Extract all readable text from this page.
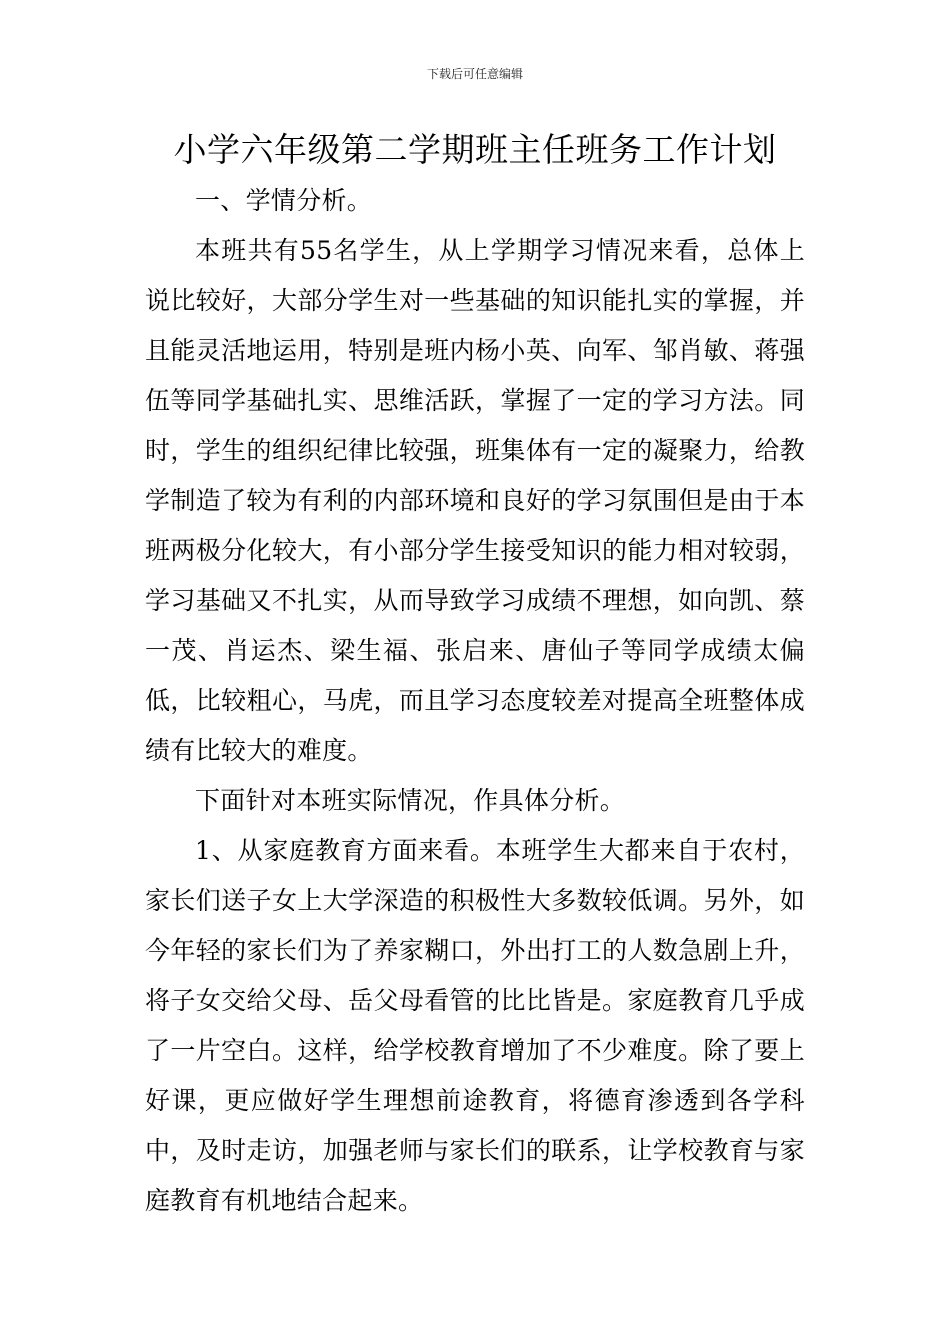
下载后可任意编辑
小学六年级第二学期班主任班务工作计划

一、学情分析。

本班共有55名学生，从上学期学习情况来看，总体上说比较好，大部分学生对一些基础的知识能扎实的掌握，并且能灵活地运用，特别是班内杨小英、向军、邹肖敏、蒋强伍等同学基础扎实、思维活跃，掌握了一定的学习方法。同时，学生的组织纪律比较强，班集体有一定的凝聚力，给教学制造了较为有利的内部环境和良好的学习氛围但是由于本班两极分化较大，有小部分学生接受知识的能力相对较弱，学习基础又不扎实，从而导致学习成绩不理想，如向凯、蔡一茂、肖运杰、梁生福、张启来、唐仙子等同学成绩太偏低，比较粗心，马虎，而且学习态度较差对提高全班整体成绩有比较大的难度。

下面针对本班实际情况，作具体分析。

1、从家庭教育方面来看。本班学生大都来自于农村，家长们送子女上大学深造的积极性大多数较低调。另外，如今年轻的家长们为了养家糊口，外出打工的人数急剧上升，将子女交给父母、岳父母看管的比比皆是。家庭教育几乎成了一片空白。这样，给学校教育增加了不少难度。除了要上好课，更应做好学生理想前途教育，将德育渗透到各学科中，及时走访，加强老师与家长们的联系，让学校教育与家庭教育有机地结合起来。
